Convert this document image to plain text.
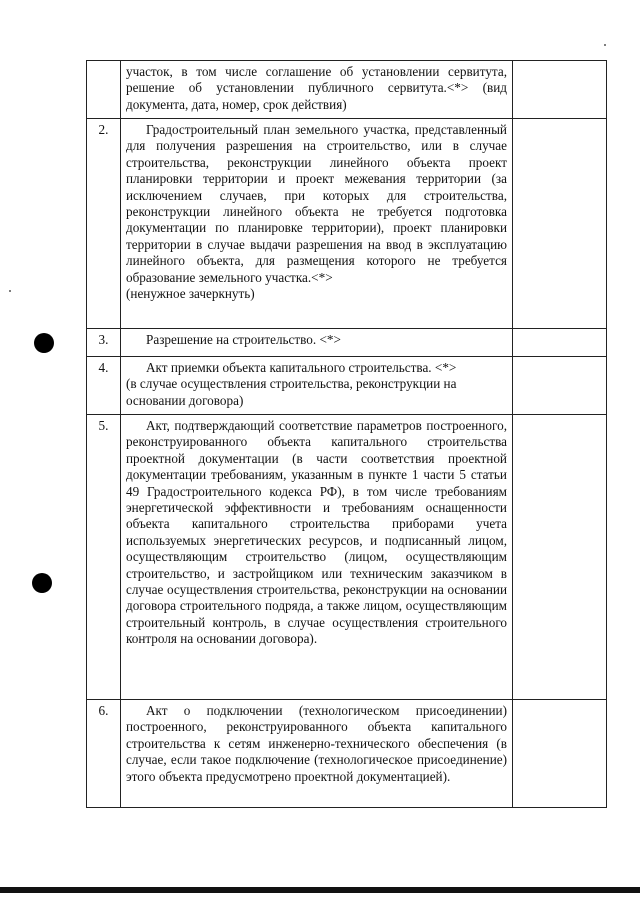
	участок, в том числе соглашение об установлении сервитута, решение об установлении публичного сервитута.<*> (вид документа, дата, номер, срок действия)	

2.	Градостроительный план земельного участка, представленный для получения разрешения на строительство, или в случае строительства, реконструкции линейного объекта проект планировки территории и проект межевания территории (за исключением случаев, при которых для строительства, реконструкции линейного объекта не требуется подготовка документации по планировке территории), проект планировки территории в случае выдачи разрешения на ввод в эксплуатацию линейного объекта, для размещения которого не требуется образование земельного участка.<*>

(ненужное зачеркнуть)	

3.	Разрешение на строительство. <*>	

4.	Акт приемки объекта капитального строительства. <*>

(в случае осуществления строительства, реконструкции на основании договора)	

5.	Акт, подтверждающий соответствие параметров построенного, реконструированного объекта капитального строительства проектной документации (в части соответствия проектной документации требованиям, указанным в пункте 1 части 5 статьи 49 Градостроительного кодекса РФ), в том числе требованиям энергетической эффективности и требованиям оснащенности объекта капитального строительства приборами учета используемых энергетических ресурсов, и подписанный лицом, осуществляющим строительство (лицом, осуществляющим строительство, и застройщиком или техническим заказчиком в случае осуществления строительства, реконструкции на основании договора строительного подряда, а также лицом, осуществляющим строительный контроль, в случае осуществления строительного контроля на основании договора).	

6.	Акт о подключении (технологическом присоединении) построенного, реконструированного объекта капитального строительства к сетям инженерно-технического обеспечения (в случае, если такое подключение (технологическое присоединение) этого объекта предусмотрено проектной документацией).	
